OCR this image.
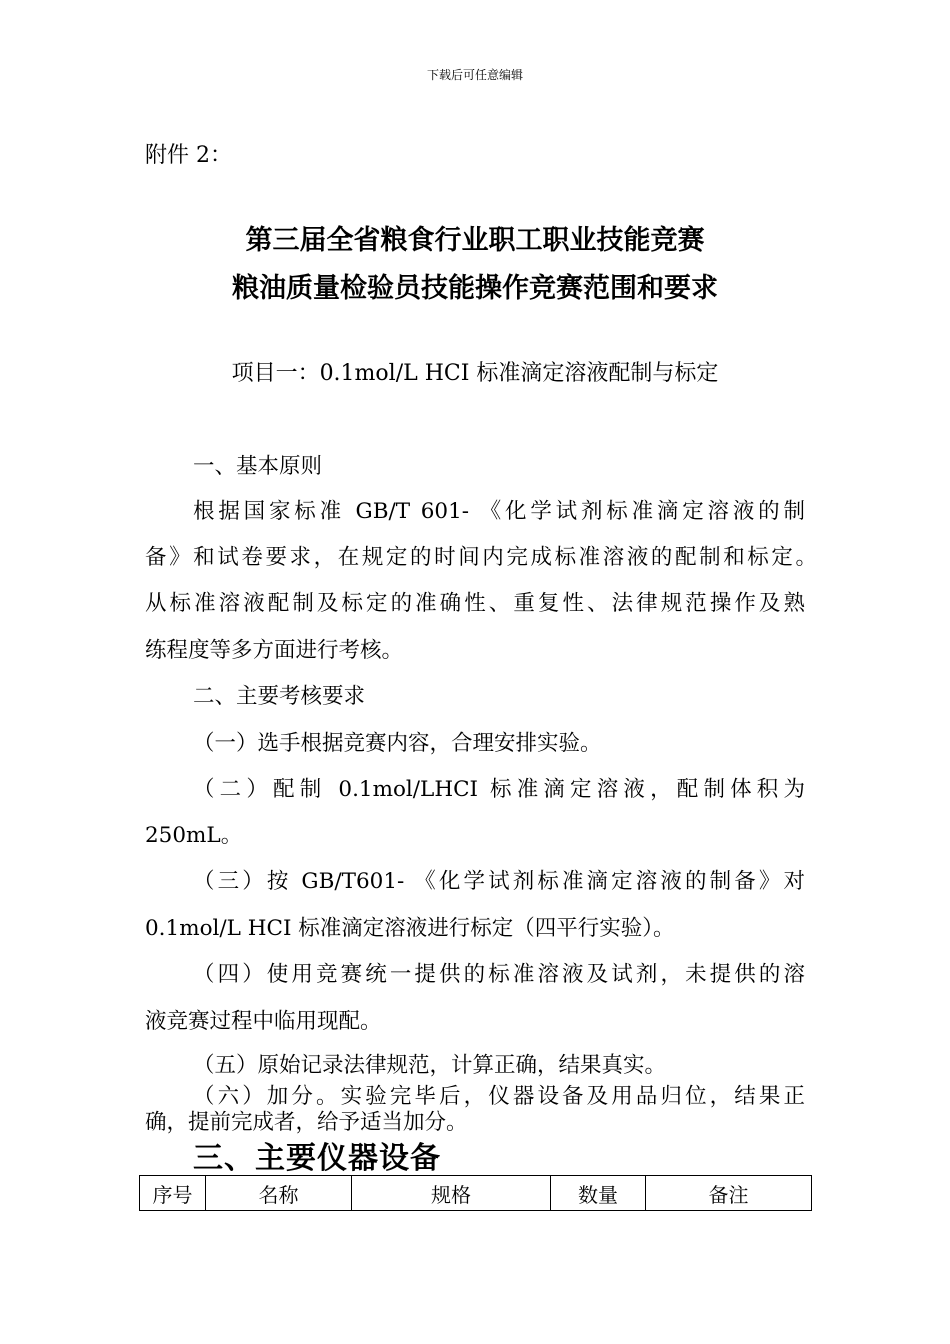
下载后可任意编辑
附件 2：
第三届全省粮食行业职工职业技能竞赛
粮油质量检验员技能操作竞赛范围和要求
项目一：0.1mol/L HCI 标准滴定溶液配制与标定
一、基本原则
根据国家标准 GB/T 601- 《化学试剂标准滴定溶液的制
备》和试卷要求，在规定的时间内完成标准溶液的配制和标定。
从标准溶液配制及标定的准确性、重复性、法律规范操作及熟
练程度等多方面进行考核。
二、主要考核要求
（一）选手根据竞赛内容，合理安排实验。
（二）配制 0.1mol/LHCI 标准滴定溶液，配制体积为
250mL。
（三）按 GB/T601- 《化学试剂标准滴定溶液的制备》对
0.1mol/L HCI 标准滴定溶液进行标定（四平行实验）。
（四）使用竞赛统一提供的标准溶液及试剂，未提供的溶
液竞赛过程中临用现配。
（五）原始记录法律规范，计算正确，结果真实。
（六）加分。实验完毕后，仪器设备及用品归位，结果正
确，提前完成者，给予适当加分。
三、主要仪器设备
序号	名称	规格	数量	备注
